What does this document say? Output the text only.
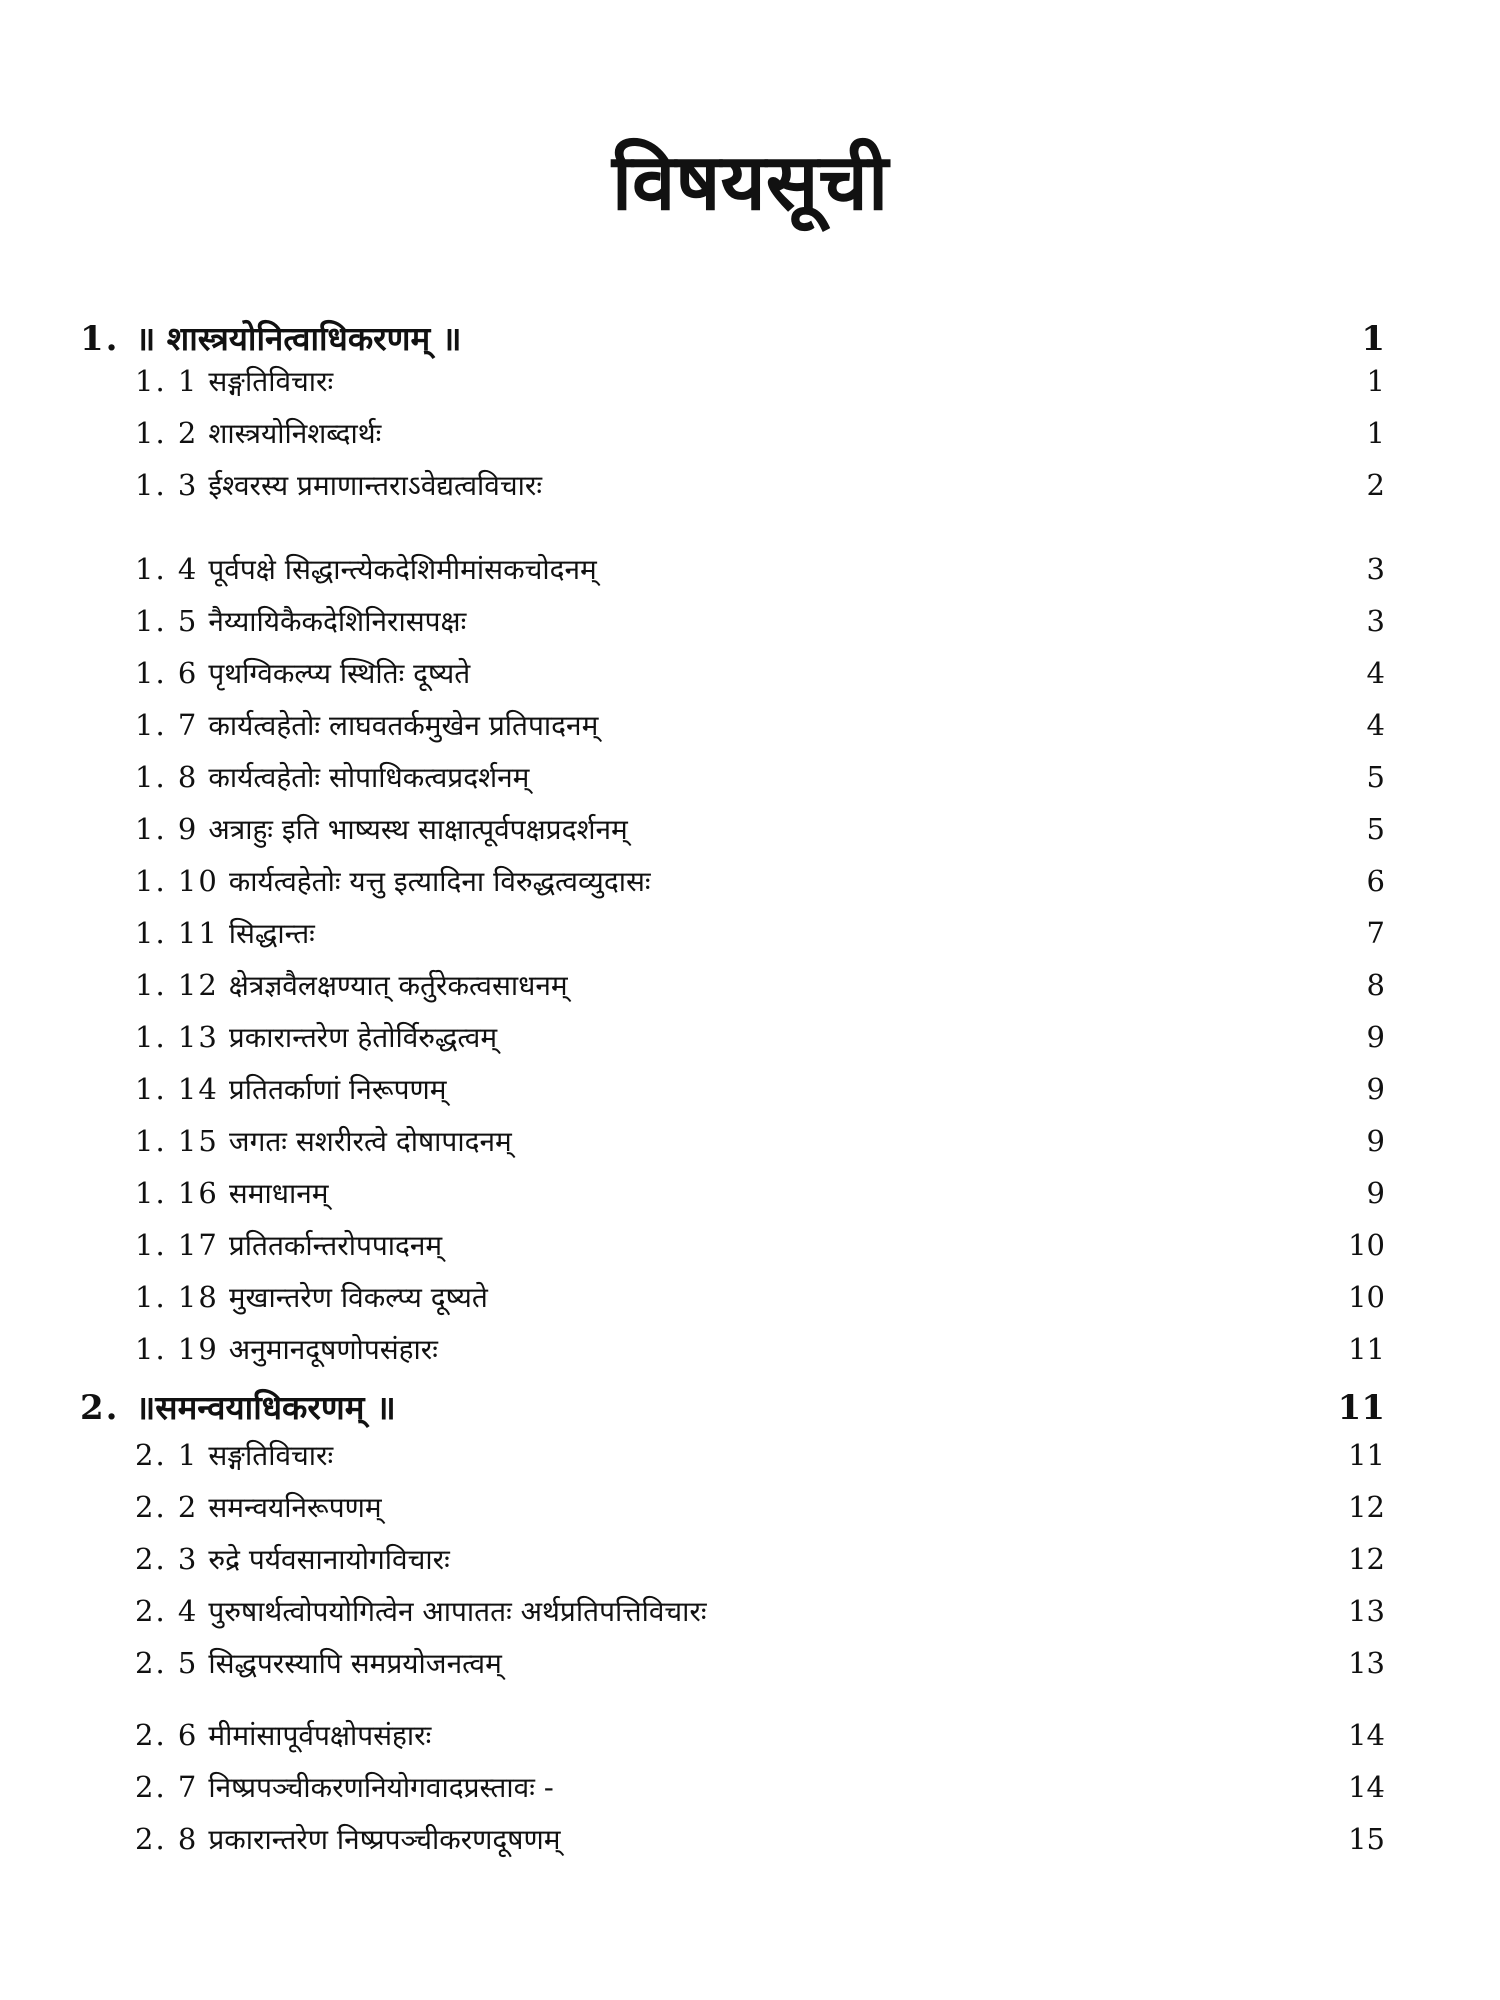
विषयसूची
1. ॥ शास्त्रयोनित्वाधिकरणम् ॥	1
1. 1 सङ्गतिविचारः	1
1. 2 शास्त्रयोनिशब्दार्थः	1
1. 3 ईश्वरस्य प्रमाणान्तराऽवेद्यत्वविचारः	2
1. 4 पूर्वपक्षे सिद्धान्त्येकदेशिमीमांसकचोदनम्	3
1. 5 नैय्यायिकैकदेशिनिरासपक्षः	3
1. 6 पृथग्विकल्प्य स्थितिः दूष्यते	4
1. 7 कार्यत्वहेतोः लाघवतर्कमुखेन प्रतिपादनम्	4
1. 8 कार्यत्वहेतोः सोपाधिकत्वप्रदर्शनम्	5
1. 9 अत्राहुः इति भाष्यस्थ साक्षात्पूर्वपक्षप्रदर्शनम्	5
1. 10 कार्यत्वहेतोः यत्तु इत्यादिना विरुद्धत्वव्युदासः	6
1. 11 सिद्धान्तः	7
1. 12 क्षेत्रज्ञवैलक्षण्यात् कर्तुरेकत्वसाधनम्	8
1. 13 प्रकारान्तरेण हेतोर्विरुद्धत्वम्	9
1. 14 प्रतितर्काणां निरूपणम्	9
1. 15 जगतः सशरीरत्वे दोषापादनम्	9
1. 16 समाधानम्	9
1. 17 प्रतितर्कान्तरोपपादनम्	10
1. 18 मुखान्तरेण विकल्प्य दूष्यते	10
1. 19 अनुमानदूषणोपसंहारः	11
2. ॥समन्वयाधिकरणम् ॥	11
2. 1 सङ्गतिविचारः	11
2. 2 समन्वयनिरूपणम्	12
2. 3 रुद्रे पर्यवसानायोगविचारः	12
2. 4 पुरुषार्थत्वोपयोगित्वेन आपाततः अर्थप्रतिपत्तिविचारः	13
2. 5 सिद्धपरस्यापि समप्रयोजनत्वम्	13
2. 6 मीमांसापूर्वपक्षोपसंहारः	14
2. 7 निष्प्रपञ्चीकरणनियोगवादप्रस्तावः -	14
2. 8 प्रकारान्तरेण निष्प्रपञ्चीकरणदूषणम्	15
